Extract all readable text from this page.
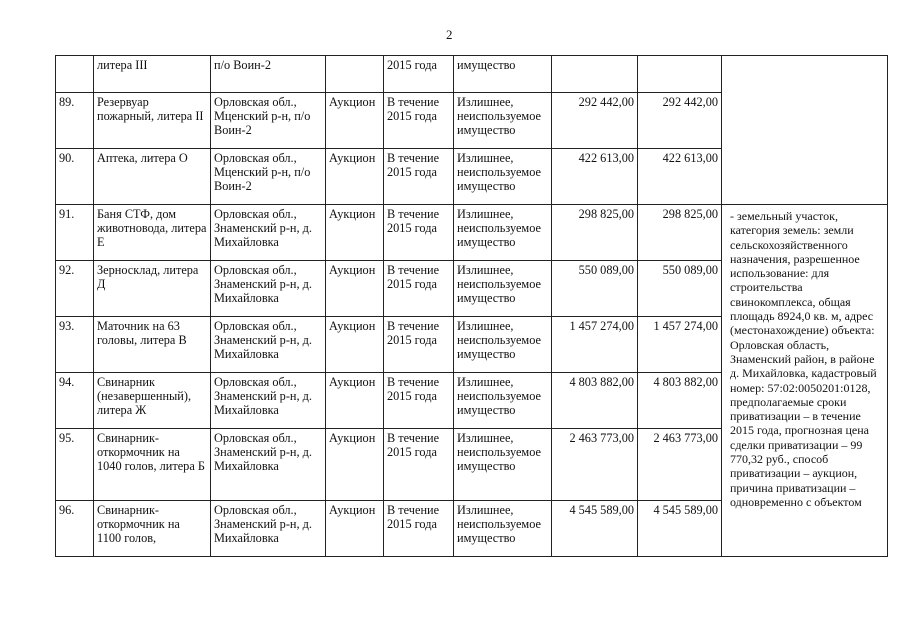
2
	литера III	п/о Воин-2		2015 года	имущество			
89.	Резервуар пожарный, литера II	Орловская обл., Мценский р-н, п/о Воин-2	Аукцион	В течение 2015 года	Излишнее, неиспользуемое имущество	292 442,00	292 442,00	
90.	Аптека, литера О	Орловская обл., Мценский р-н, п/о Воин-2	Аукцион	В течение 2015 года	Излишнее, неиспользуемое имущество	422 613,00	422 613,00	
91.	Баня СТФ, дом животновода, литера Е	Орловская обл., Знаменский р-н, д. Михайловка	Аукцион	В течение 2015 года	Излишнее, неиспользуемое имущество	298 825,00	298 825,00	- земельный участок, категория земель: земли сельскохозяйственного назначения, разрешенное использование: для строительства свинокомплекса, общая площадь 8924,0 кв. м, адрес (местонахождение) объекта: Орловская область, Знаменский район, в районе д. Михайловка, кадастровый номер: 57:02:0050201:0128, предполагаемые сроки приватизации – в течение 2015 года, прогнозная цена сделки приватизации – 99 770,32 руб., способ приватизации – аукцион, причина приватизации – одновременно с объектом
92.	Зерносклад, литера Д	Орловская обл., Знаменский р-н, д. Михайловка	Аукцион	В течение 2015 года	Излишнее, неиспользуемое имущество	550 089,00	550 089,00	
93.	Маточник на 63 головы, литера В	Орловская обл., Знаменский р-н, д. Михайловка	Аукцион	В течение 2015 года	Излишнее, неиспользуемое имущество	1 457 274,00	1 457 274,00	
94.	Свинарник (незавершенный), литера Ж	Орловская обл., Знаменский р-н, д. Михайловка	Аукцион	В течение 2015 года	Излишнее, неиспользуемое имущество	4 803 882,00	4 803 882,00	
95.	Свинарник-откормочник на 1040 голов, литера Б	Орловская обл., Знаменский р-н, д. Михайловка	Аукцион	В течение 2015 года	Излишнее, неиспользуемое имущество	2 463 773,00	2 463 773,00	
96.	Свинарник-откормочник на 1100 голов,	Орловская обл., Знаменский р-н, д. Михайловка	Аукцион	В течение 2015 года	Излишнее, неиспользуемое имущество	4 545 589,00	4 545 589,00	
